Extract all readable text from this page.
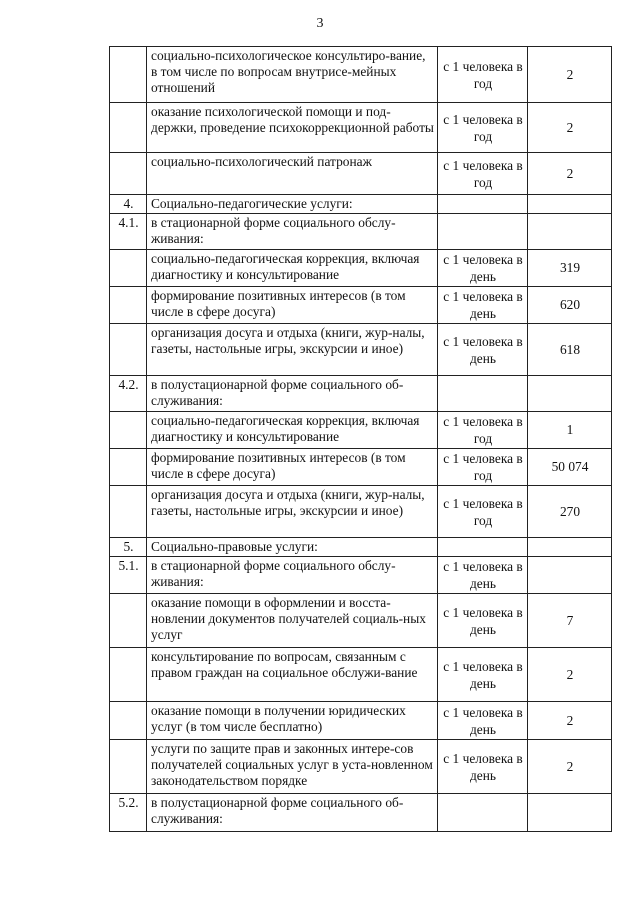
3
	социально-психологическое консультиро-вание, в том числе по вопросам внутрисе-мейных отношений	с 1 человека в год	2
	оказание психологической помощи и под-держки, проведение психокоррекционной работы	с 1 человека в год	2
	социально-психологический патронаж	с 1 человека в год	2
4.	Социально-педагогические услуги:		
4.1.	в стационарной форме социального обслу-живания:		
	социально-педагогическая коррекция, включая диагностику и консультирование	с 1 человека в день	319
	формирование позитивных интересов (в том числе в сфере досуга)	с 1 человека в день	620
	организация досуга и отдыха (книги, жур-налы, газеты, настольные игры, экскурсии и иное)	с 1 человека в день	618
4.2.	в полустационарной форме социального об-служивания:		
	социально-педагогическая коррекция, включая диагностику и консультирование	с 1 человека в год	1
	формирование позитивных интересов (в том числе в сфере досуга)	с 1 человека в год	50 074
	организация досуга и отдыха (книги, жур-налы, газеты, настольные игры, экскурсии и иное)	с 1 человека в год	270
5.	Социально-правовые услуги:		
5.1.	в стационарной форме социального обслу-живания:	с 1 человека в день	
	оказание помощи в оформлении и восста-новлении документов получателей социаль-ных услуг	с 1 человека в день	7
	консультирование по вопросам, связанным с правом граждан на социальное обслужи-вание	с 1 человека в день	2
	оказание помощи в получении юридических услуг (в том числе бесплатно)	с 1 человека в день	2
	услуги по защите прав и законных интере-сов получателей социальных услуг в уста-новленном законодательством порядке	с 1 человека в день	2
5.2.	в полустационарной форме социального об-служивания:		
